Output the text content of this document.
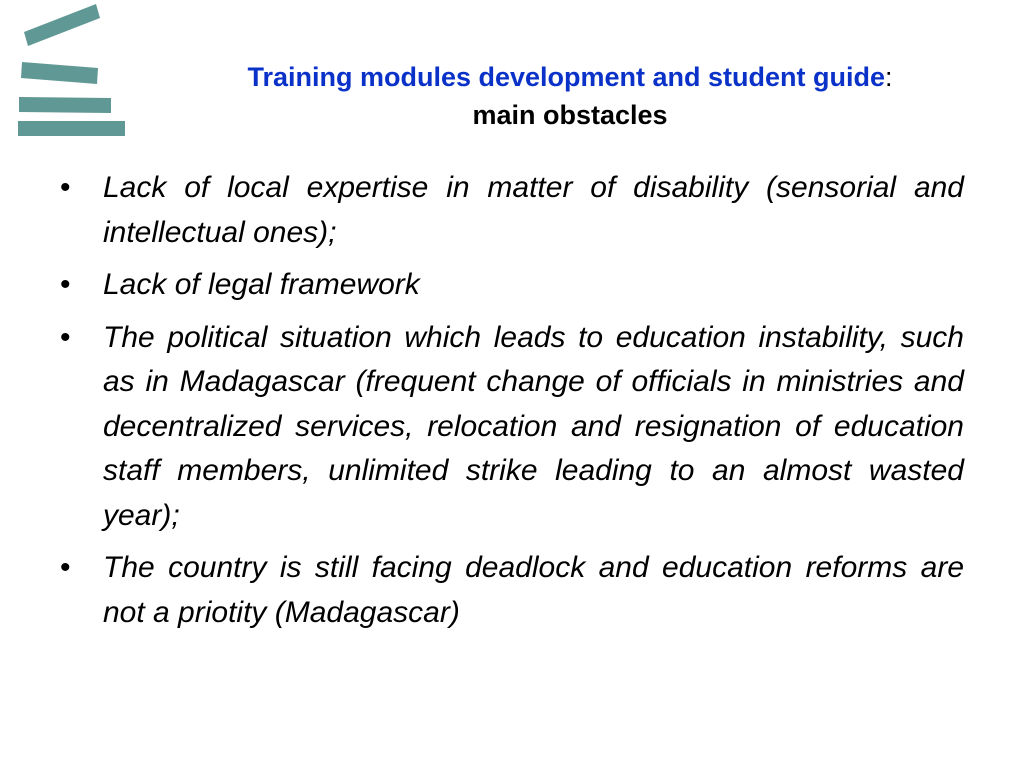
Training modules development and student guide:
main obstacles
• Lack of local expertise in matter of disability (sensorial and intellectual ones);
• Lack of legal framework
• The political situation which leads to education instability, such as in Madagascar (frequent change of officials in ministries and decentralized services, relocation and resignation of education staff members, unlimited strike leading to an almost wasted year);
• The country is still facing deadlock and education reforms are not a priotity (Madagascar)
